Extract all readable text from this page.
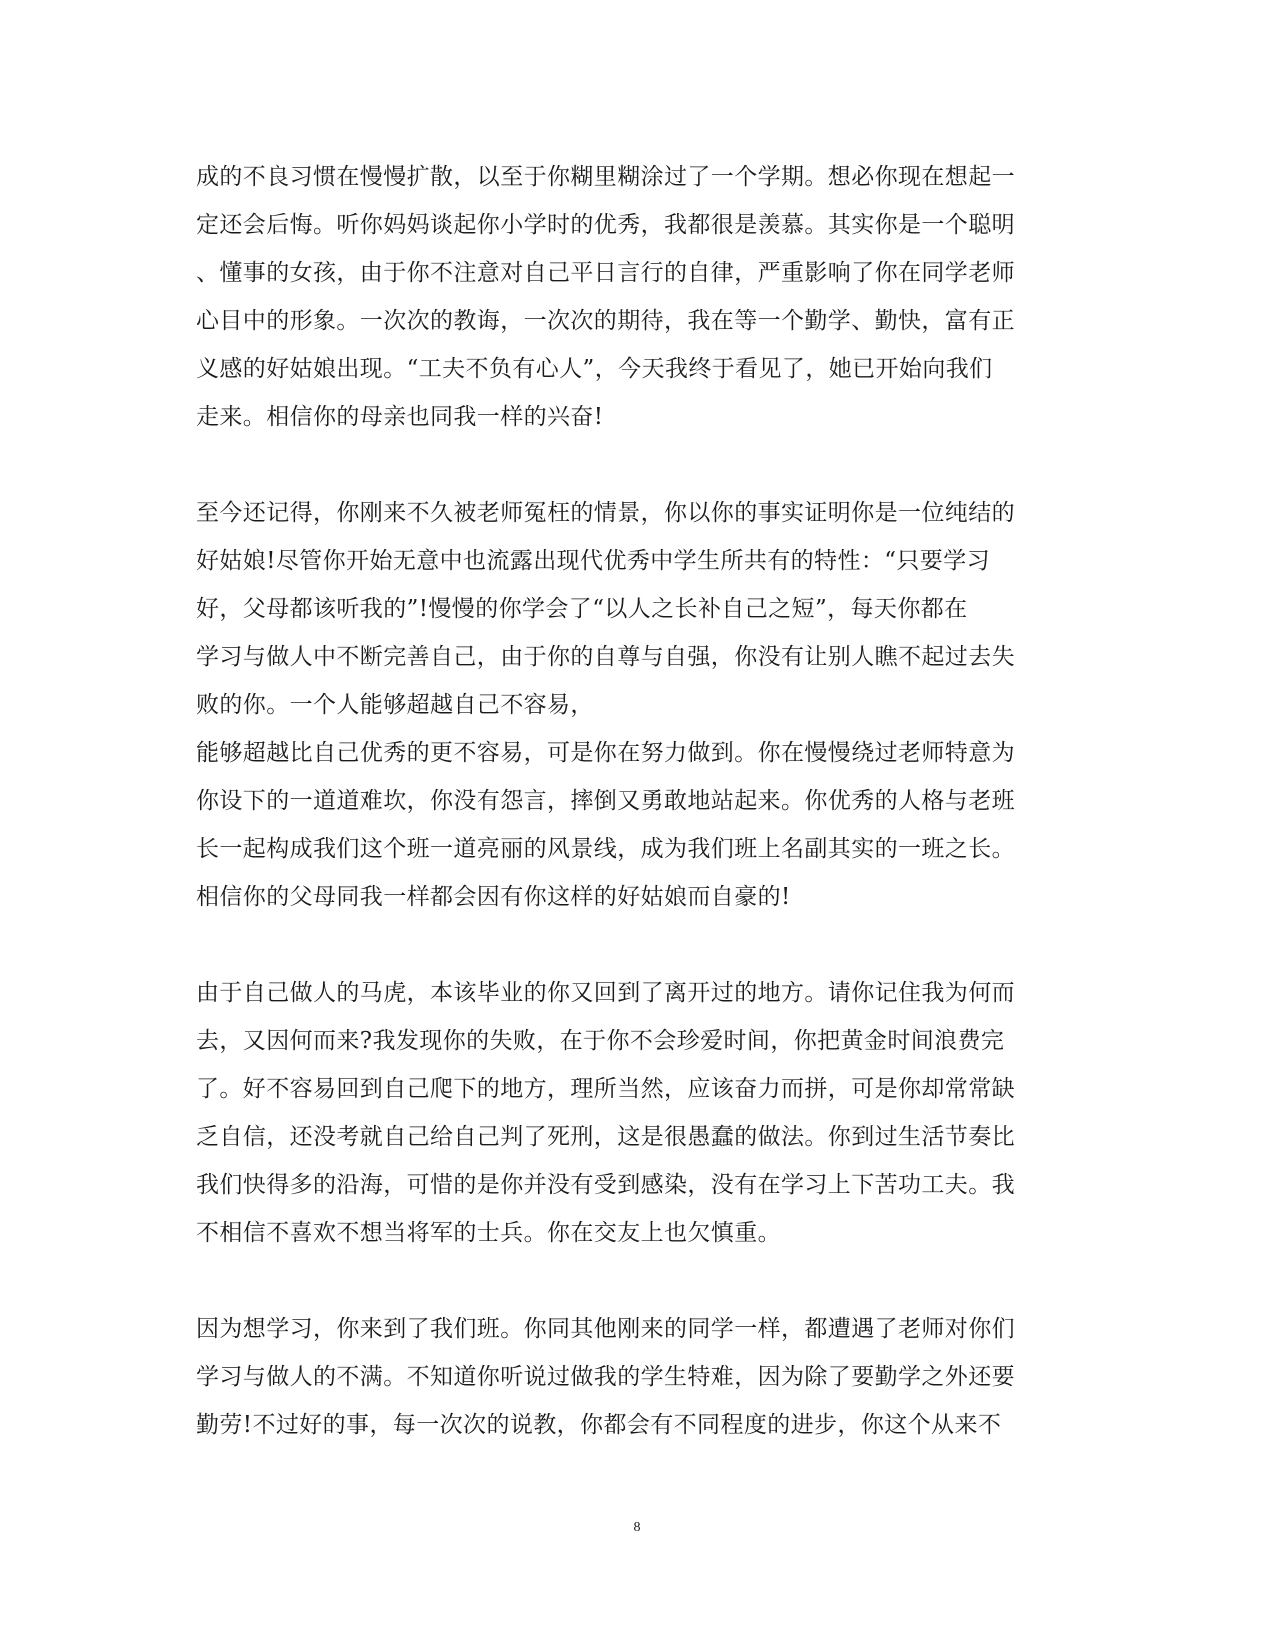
成的不良习惯在慢慢扩散，以至于你糊里糊涂过了一个学期。想必你现在想起一
定还会后悔。听你妈妈谈起你小学时的优秀，我都很是羡慕。其实你是一个聪明
、懂事的女孩，由于你不注意对自己平日言行的自律，严重影响了你在同学老师
心目中的形象。一次次的教诲，一次次的期待，我在等一个勤学、勤快，富有正
义感的好姑娘出现。“工夫不负有心人”，今天我终于看见了，她已开始向我们
走来。相信你的母亲也同我一样的兴奋!
至今还记得，你刚来不久被老师冤枉的情景，你以你的事实证明你是一位纯结的
好姑娘!尽管你开始无意中也流露出现代优秀中学生所共有的特性：“只要学习
好，父母都该听我的”!慢慢的你学会了“以人之长补自己之短”，每天你都在
学习与做人中不断完善自己，由于你的自尊与自强，你没有让别人瞧不起过去失
败的你。一个人能够超越自己不容易，
能够超越比自己优秀的更不容易，可是你在努力做到。你在慢慢绕过老师特意为
你设下的一道道难坎，你没有怨言，摔倒又勇敢地站起来。你优秀的人格与老班
长一起构成我们这个班一道亮丽的风景线，成为我们班上名副其实的一班之长。
相信你的父母同我一样都会因有你这样的好姑娘而自豪的!
由于自己做人的马虎，本该毕业的你又回到了离开过的地方。请你记住我为何而
去，又因何而来?我发现你的失败，在于你不会珍爱时间，你把黄金时间浪费完
了。好不容易回到自己爬下的地方，理所当然，应该奋力而拼，可是你却常常缺
乏自信，还没考就自己给自己判了死刑，这是很愚蠢的做法。你到过生活节奏比
我们快得多的沿海，可惜的是你并没有受到感染，没有在学习上下苦功工夫。我
不相信不喜欢不想当将军的士兵。你在交友上也欠慎重。
因为想学习，你来到了我们班。你同其他刚来的同学一样，都遭遇了老师对你们
学习与做人的不满。不知道你听说过做我的学生特难，因为除了要勤学之外还要
勤劳!不过好的事，每一次次的说教，你都会有不同程度的进步，你这个从来不
8
